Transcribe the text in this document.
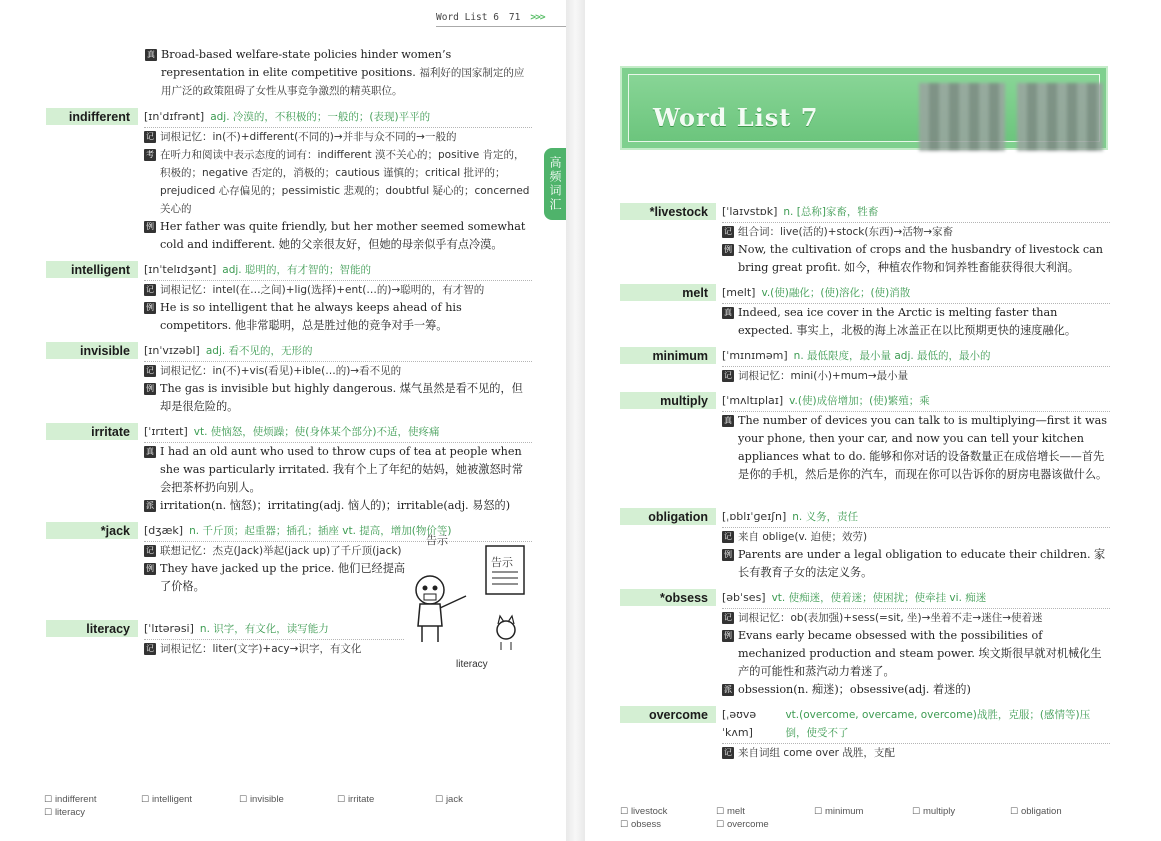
Word List 6 71 >>>
真 Broad-based welfare-state policies hinder women’s representation in elite competitive positions. 福利好的国家制定的应用广泛的政策阻碍了女性从事竞争激烈的精英职位。
高频词汇
indifferent [ɪnˈdɪfrənt] adj. 冷漠的，不积极的；一般的；(表现)平平的
记 词根记忆：in(不)+different(不同的)→并非与众不同的→一般的
考 在听力和阅读中表示态度的词有：indifferent 漠不关心的；positive 肯定的，积极的；negative 否定的，消极的；cautious 谨慎的；critical 批评的；prejudiced 心存偏见的；pessimistic 悲观的；doubtful 疑心的；concerned 关心的
例 Her father was quite friendly, but her mother seemed somewhat cold and indifferent. 她的父亲很友好，但她的母亲似乎有点冷漠。
intelligent [ɪnˈtelɪdʒənt] adj. 聪明的，有才智的；智能的
记 词根记忆：intel(在…之间)+lig(选择)+ent(…的)→聪明的，有才智的
例 He is so intelligent that he always keeps ahead of his competitors. 他非常聪明，总是胜过他的竞争对手一筹。
invisible [ɪnˈvɪzəbl] adj. 看不见的，无形的
记 词根记忆：in(不)+vis(看见)+ible(…的)→看不见的
例 The gas is invisible but highly dangerous. 煤气虽然是看不见的，但却是很危险的。
irritate [ˈɪrɪteɪt] vt. 使恼怒，使烦躁；使(身体某个部分)不适，使疼痛
真 I had an old aunt who used to throw cups of tea at people when she was particularly irritated. 我有个上了年纪的姑妈，她被激怒时常会把茶杯扔向别人。
派 irritation(n. 恼怒)；irritating(adj. 恼人的)；irritable(adj. 易怒的)
*jack [dʒæk] n. 千斤顶；起重器；插孔；插座 vt. 提高，增加(物价等)
记 联想记忆：杰克(Jack)举起(jack up)了千斤顶(jack)
例 They have jacked up the price. 他们已经提高了价格。
literacy [ˈlɪtərəsi] n. 识字，有文化，读写能力
记 词根记忆：liter(文字)+acy→识字，有文化
告示
告示
literacy
☐ indifferent	☐ intelligent	☐ invisible	☐ irritate	☐ jack
☐ literacy
Word List 7
*livestock [ˈlaɪvstɒk] n. [总称]家畜，牲畜
记 组合词：live(活的)+stock(东西)→活物→家畜
例 Now, the cultivation of crops and the husbandry of livestock can bring great profit. 如今，种植农作物和饲养牲畜能获得很大利润。
melt [melt] v.(使)融化；(使)溶化；(使)消散
真 Indeed, sea ice cover in the Arctic is melting faster than expected. 事实上，北极的海上冰盖正在以比预期更快的速度融化。
minimum [ˈmɪnɪməm] n. 最低限度，最小量 adj. 最低的，最小的
记 词根记忆：mini(小)+mum→最小量
multiply [ˈmʌltɪplaɪ] v.(使)成倍增加；(使)繁殖；乘
真 The number of devices you can talk to is multiplying—first it was your phone, then your car, and now you can tell your kitchen appliances what to do. 能够和你对话的设备数量正在成倍增长——首先是你的手机，然后是你的汽车，而现在你可以告诉你的厨房电器该做什么。
obligation [ˌɒblɪˈɡeɪʃn] n. 义务，责任
记 来自 oblige(v. 迫使；效劳)
例 Parents are under a legal obligation to educate their children. 家长有教育子女的法定义务。
*obsess [əbˈses] vt. 使痴迷，使着迷；使困扰；使牵挂 vi. 痴迷
记 词根记忆：ob(表加强)+sess(=sit, 坐)→坐着不走→迷住→使着迷
例 Evans early became obsessed with the possibilities of mechanized production and steam power. 埃文斯很早就对机械化生产的可能性和蒸汽动力着迷了。
派 obsession(n. 痴迷)；obsessive(adj. 着迷的)
overcome [ˌəʊvəˈkʌm]
vt.(overcome, overcame, overcome)战胜，克服；(感情等)压倒，使受不了
记 来自词组 come over 战胜，支配
☐ livestock	☐ melt	☐ minimum	☐ multiply	☐ obligation
☐ obsess	☐ overcome
